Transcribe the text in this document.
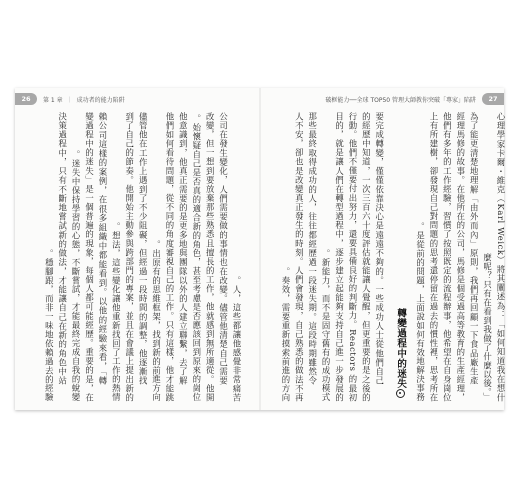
26	第 1 章 ｜ 成功者的能力陷阱	破框能力──全球 TOP50 管理大師教你突破「專家」陷阱	27

心理學家卡爾・維克（Karl Weick）將其闡述為：「如何知道我在想什麼呢？只有在看到我做了什麼以後。」

為了能更清楚地理解「由外而內」原則，我們再回顧一下食品廠生產經理馬修的故事。在他所在的公司，馬修是個受過高等教育的生產經理，他們有多年的工作經驗，習慣了按照既定的流程辦事，他希望在自身崗位上有所建樹，卻發現自己對問題的思考還停留在過去的慣性裡，思考所在是從前的問題，上面說如何有效地解決事務。

轉變過程中的迷失

要完成轉變，僅僅依靠決心是遠遠不夠的。一些成功人士從他們自己的經歷中知道，一次三百六十度評估就能讓人覺醒，但更重要的是之後的行動。他們不僅要付出努力，還要具備良好的判斷力。Reactors 的最初目的，就是讓人們在轉型過程中，逐步建立起能夠支持自己進一步發展的新能力，而不是固守舊有的成功模式。

那些最終取得成功的人，往往都經歷過一段迷失期。這段時期雖然令人不安，卻也是改變真正發生的時刻。人們會發現，自己熟悉的做法不再奏效，需要重新摸索前進的方向。

人，這些都讓他感覺非常痛苦。

公司在發生變化，人們需要做的事情也在改變。儘管他清楚自己需要改變，但一想到要放棄那些熟悉且擅長的工作，他就感到無所適從。他開始懷疑自己是否真的適合新的角色，甚至考慮是否應該回到原來的崗位。

他意識到，他真正需要的是更多地與團隊以外的人建立聯繫，去了解他們如何看待問題，從不同的角度審視自己的工作。只有這樣，他才能跳出原有的思維框架，找到新的前進方向。

儘管他在工作上遇到了不少阻礙，但經過一段時間的調整，他逐漸找到了自己的節奏。他開始主動參與跨部門的專案，並且在會議上提出新的想法，這些變化讓他重新找回了工作的熱情。

賴公司這樣的案例，在很多組織中都能看到。以他的經驗來看，「轉變過程中的迷失」是一個普遍的現象，每個人都可能經歷。重要的是，在迷失中保持學習的心態，不斷嘗試，才能最終完成自我的蛻變。

決策過程中，只有不斷地嘗試新的做法，才能讓自己在新的角色中站穩腳跟，而非一味地依賴過去的經驗。
